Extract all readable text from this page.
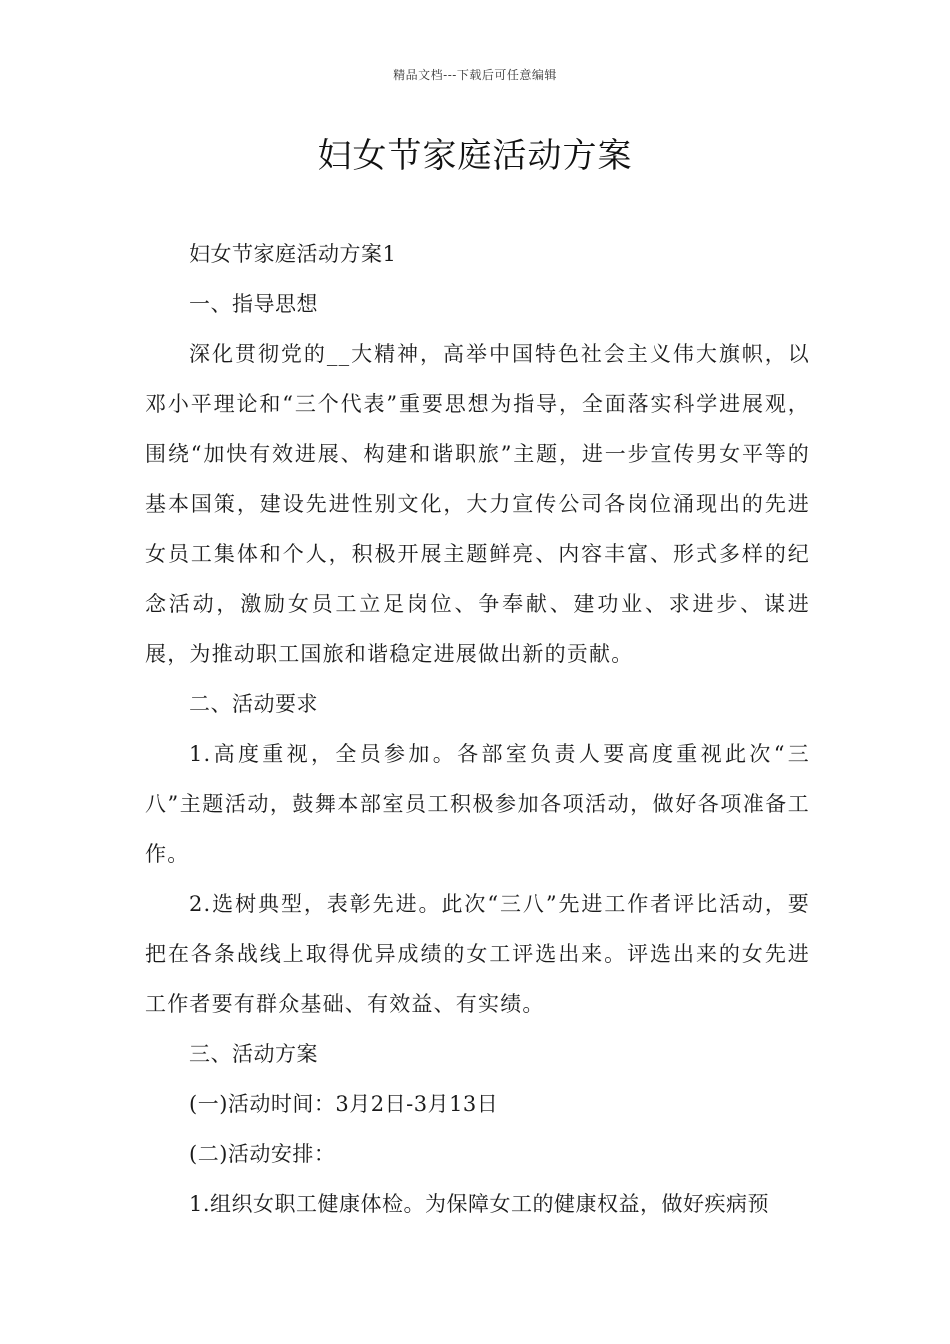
精品文档---下载后可任意编辑
妇女节家庭活动方案

妇女节家庭活动方案1

一、指导思想

深化贯彻党的__大精神，高举中国特色社会主义伟大旗帜，以邓小平理论和“三个代表”重要思想为指导，全面落实科学进展观，围绕“加快有效进展、构建和谐职旅”主题，进一步宣传男女平等的基本国策，建设先进性别文化，大力宣传公司各岗位涌现出的先进女员工集体和个人，积极开展主题鲜亮、内容丰富、形式多样的纪念活动，激励女员工立足岗位、争奉献、建功业、求进步、谋进展，为推动职工国旅和谐稳定进展做出新的贡献。

二、活动要求

1.高度重视，全员参加。各部室负责人要高度重视此次“三八”主题活动，鼓舞本部室员工积极参加各项活动，做好各项准备工作。

2.选树典型，表彰先进。此次“三八”先进工作者评比活动，要把在各条战线上取得优异成绩的女工评选出来。评选出来的女先进工作者要有群众基础、有效益、有实绩。

三、活动方案

(一)活动时间：3月2日-3月13日

(二)活动安排：

1.组织女职工健康体检。为保障女工的健康权益，做好疾病预
